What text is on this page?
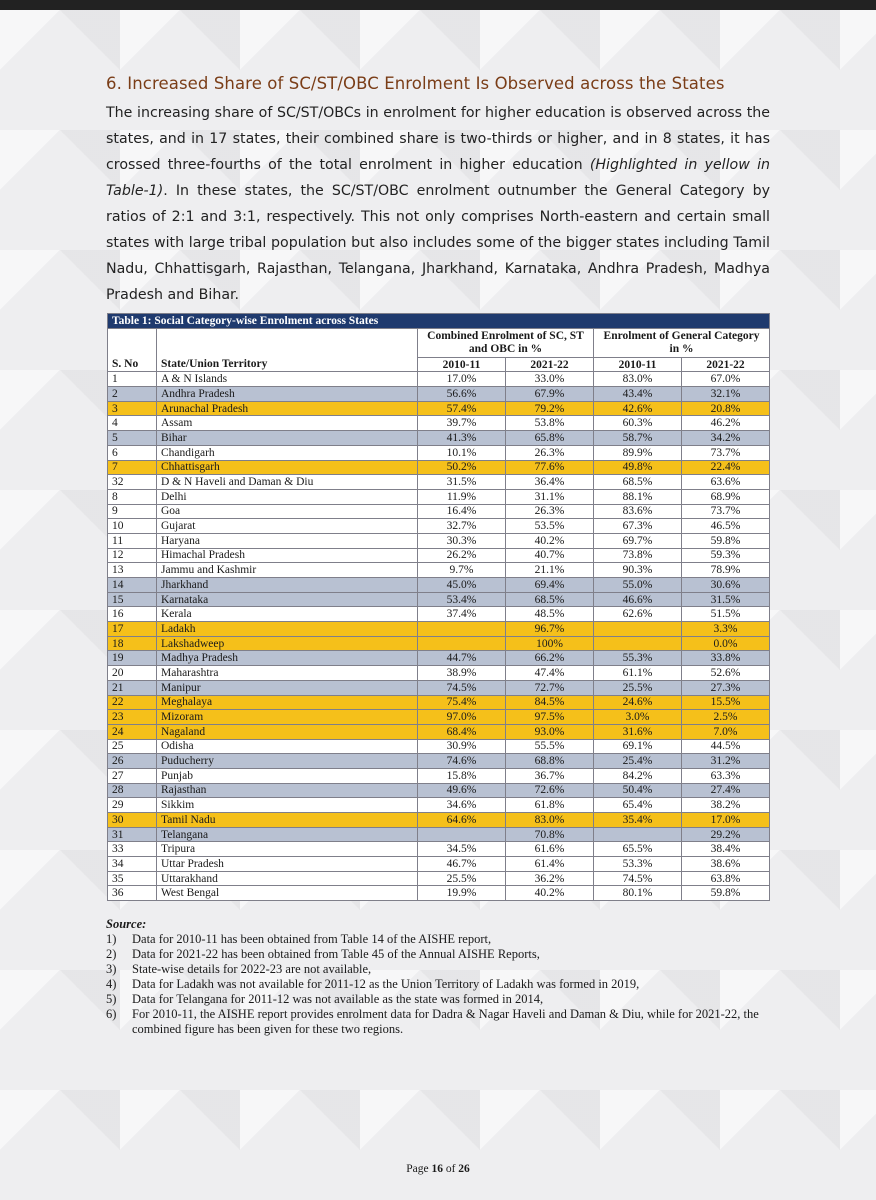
6. Increased Share of SC/ST/OBC Enrolment Is Observed across the States
The increasing share of SC/ST/OBCs in enrolment for higher education is observed across the states, and in 17 states, their combined share is two-thirds or higher, and in 8 states, it has crossed three-fourths of the total enrolment in higher education (Highlighted in yellow in Table-1). In these states, the SC/ST/OBC enrolment outnumber the General Category by ratios of 2:1 and 3:1, respectively. This not only comprises North-eastern and certain small states with large tribal population but also includes some of the bigger states including Tamil Nadu, Chhattisgarh, Rajasthan, Telangana, Jharkhand, Karnataka, Andhra Pradesh, Madhya Pradesh and Bihar.
Table 1: Social Category-wise Enrolment across States					
		Combined Enrolment of SC, ST and OBC in %		Enrolment of General Category in %	
S. No	State/Union Territory	2010-11	2021-22	2010-11	2021-22
1	A & N Islands	17.0%	33.0%	83.0%	67.0%
2	Andhra Pradesh	56.6%	67.9%	43.4%	32.1%
3	Arunachal Pradesh	57.4%	79.2%	42.6%	20.8%
4	Assam	39.7%	53.8%	60.3%	46.2%
5	Bihar	41.3%	65.8%	58.7%	34.2%
6	Chandigarh	10.1%	26.3%	89.9%	73.7%
7	Chhattisgarh	50.2%	77.6%	49.8%	22.4%
32	D & N Haveli and Daman & Diu	31.5%	36.4%	68.5%	63.6%
8	Delhi	11.9%	31.1%	88.1%	68.9%
9	Goa	16.4%	26.3%	83.6%	73.7%
10	Gujarat	32.7%	53.5%	67.3%	46.5%
11	Haryana	30.3%	40.2%	69.7%	59.8%
12	Himachal Pradesh	26.2%	40.7%	73.8%	59.3%
13	Jammu and Kashmir	9.7%	21.1%	90.3%	78.9%
14	Jharkhand	45.0%	69.4%	55.0%	30.6%
15	Karnataka	53.4%	68.5%	46.6%	31.5%
16	Kerala	37.4%	48.5%	62.6%	51.5%
17	Ladakh		96.7%		3.3%
18	Lakshadweep		100%		0.0%
19	Madhya Pradesh	44.7%	66.2%	55.3%	33.8%
20	Maharashtra	38.9%	47.4%	61.1%	52.6%
21	Manipur	74.5%	72.7%	25.5%	27.3%
22	Meghalaya	75.4%	84.5%	24.6%	15.5%
23	Mizoram	97.0%	97.5%	3.0%	2.5%
24	Nagaland	68.4%	93.0%	31.6%	7.0%
25	Odisha	30.9%	55.5%	69.1%	44.5%
26	Puducherry	74.6%	68.8%	25.4%	31.2%
27	Punjab	15.8%	36.7%	84.2%	63.3%
28	Rajasthan	49.6%	72.6%	50.4%	27.4%
29	Sikkim	34.6%	61.8%	65.4%	38.2%
30	Tamil Nadu	64.6%	83.0%	35.4%	17.0%
31	Telangana		70.8%		29.2%
33	Tripura	34.5%	61.6%	65.5%	38.4%
34	Uttar Pradesh	46.7%	61.4%	53.3%	38.6%
35	Uttarakhand	25.5%	36.2%	74.5%	63.8%
36	West Bengal	19.9%	40.2%	80.1%	59.8%
Source:
1)	Data for 2010-11 has been obtained from Table 14 of the AISHE report,
2)	Data for 2021-22 has been obtained from Table 45 of the Annual AISHE Reports,
3)	State-wise details for 2022-23 are not available,
4)	Data for Ladakh was not available for 2011-12 as the Union Territory of Ladakh was formed in 2019,
5)	Data for Telangana for 2011-12 was not available as the state was formed in 2014,
6)	For 2010-11, the AISHE report provides enrolment data for Dadra & Nagar Haveli and Daman & Diu, while for 2021-22, the combined figure has been given for these two regions.
Page 16 of 26
